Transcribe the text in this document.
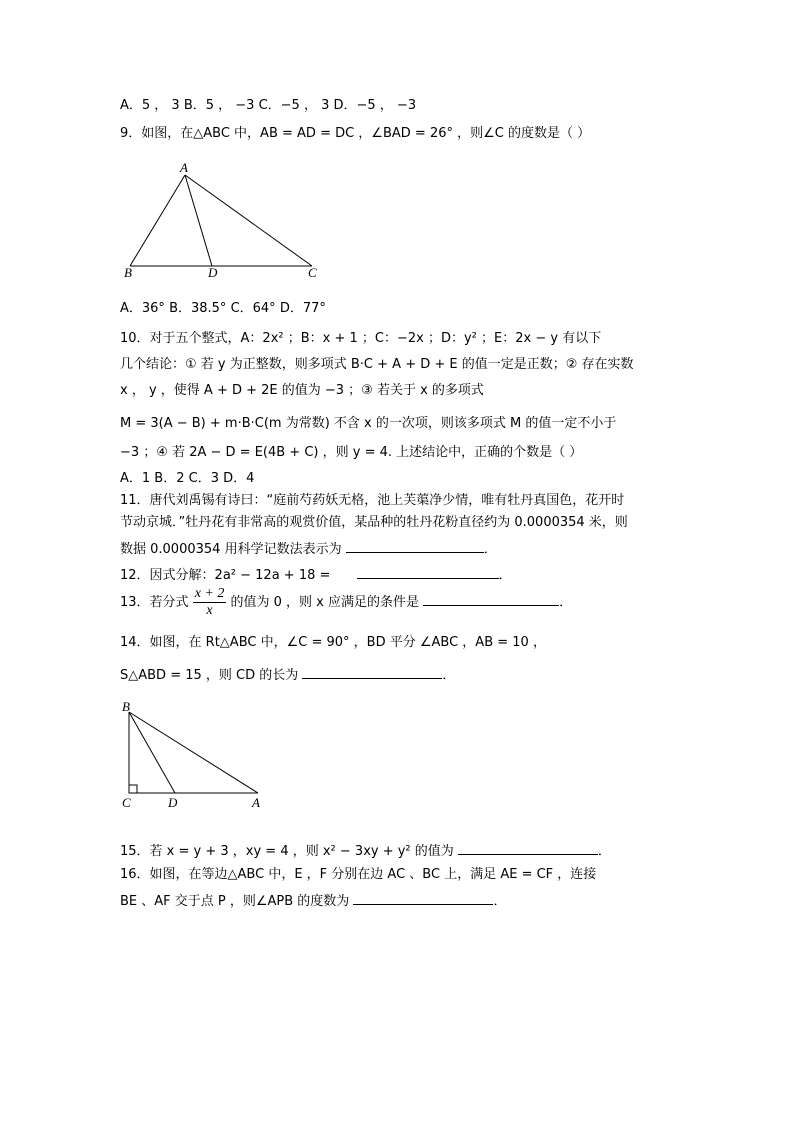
A．5 ， 3 B．5 ， −3 C．−5 ， 3 D．−5 ， −3
9．如图，在△ABC 中，AB = AD = DC ，∠BAD = 26° ，则∠C 的度数是（ ）
A
B	D	C
A．36° B．38.5° C．64° D．77°
10．对于五个整式，A：2x² ；B：x + 1 ；C：−2x ；D：y² ；E：2x − y 有以下
几个结论：① 若 y 为正整数，则多项式 B·C + A + D + E 的值一定是正数；② 存在实数
x ， y ，使得 A + D + 2E 的值为 −3 ；③ 若关于 x 的多项式
M = 3(A − B) + m·B·C(m 为常数) 不含 x 的一次项，则该多项式 M 的值一定不小于
−3 ；④ 若 2A − D = E(4B + C) ，则 y = 4. 上述结论中，正确的个数是（ ）
A．1 B．2 C．3 D．4
11．唐代刘禹锡有诗曰：“庭前芍药妖无格，池上芙蕖净少情，唯有牡丹真国色，花开时
节动京城．”牡丹花有非常高的观赏价值，某品种的牡丹花粉直径约为 0.0000354 米，则
数据 0.0000354 用科学记数法表示为	．
12．因式分解：2a² − 12a + 18 =	．
13．若分式 $\frac{x + 2}{x}$ 的值为 0 ，则 x 应满足的条件是	．
14．如图，在 Rt△ABC 中，∠C = 90° ，BD 平分 ∠ABC ，AB = 10 ，
S△ABD = 15 ，则 CD 的长为	．
B
C	D	A
15．若 x = y + 3 ，xy = 4 ，则 x² − 3xy + y² 的值为	．
16．如图，在等边△ABC 中，E ，F 分别在边 AC 、BC 上，满足 AE = CF ，连接
BE 、AF 交于点 P ，则∠APB 的度数为	．
